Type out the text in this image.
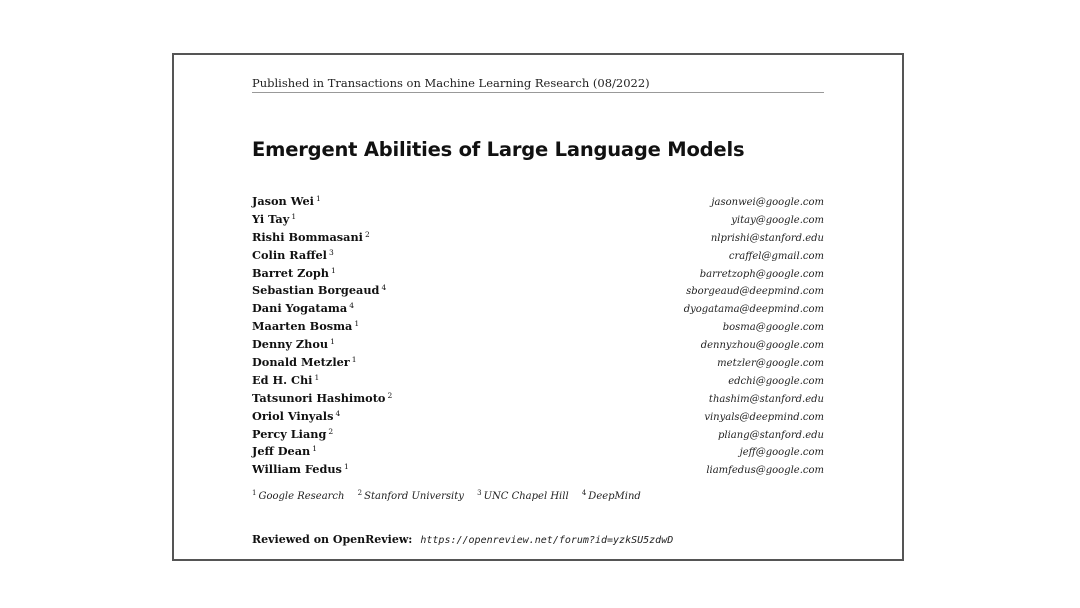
Published in Transactions on Machine Learning Research (08/2022)
Emergent Abilities of Large Language Models
Jason Wei $^1$	jasonwei@google.com
Yi Tay $^1$	yitay@google.com
Rishi Bommasani $^2$	nlprishi@stanford.edu
Colin Raffel $^3$	craffel@gmail.com
Barret Zoph $^1$	barretzoph@google.com
Sebastian Borgeaud $^4$	sborgeaud@deepmind.com
Dani Yogatama $^4$	dyogatama@deepmind.com
Maarten Bosma $^1$	bosma@google.com
Denny Zhou $^1$	dennyzhou@google.com
Donald Metzler $^1$	metzler@google.com
Ed H. Chi $^1$	edchi@google.com
Tatsunori Hashimoto $^2$	thashim@stanford.edu
Oriol Vinyals $^4$	vinyals@deepmind.com
Percy Liang $^2$	pliang@stanford.edu
Jeff Dean $^1$	jeff@google.com
William Fedus $^1$	liamfedus@google.com
$^1$ Google Research $^2$ Stanford University $^3$ UNC Chapel Hill $^4$ DeepMind
Reviewed on OpenReview: https://openreview.net/forum?id=yzkSU5zdwD
